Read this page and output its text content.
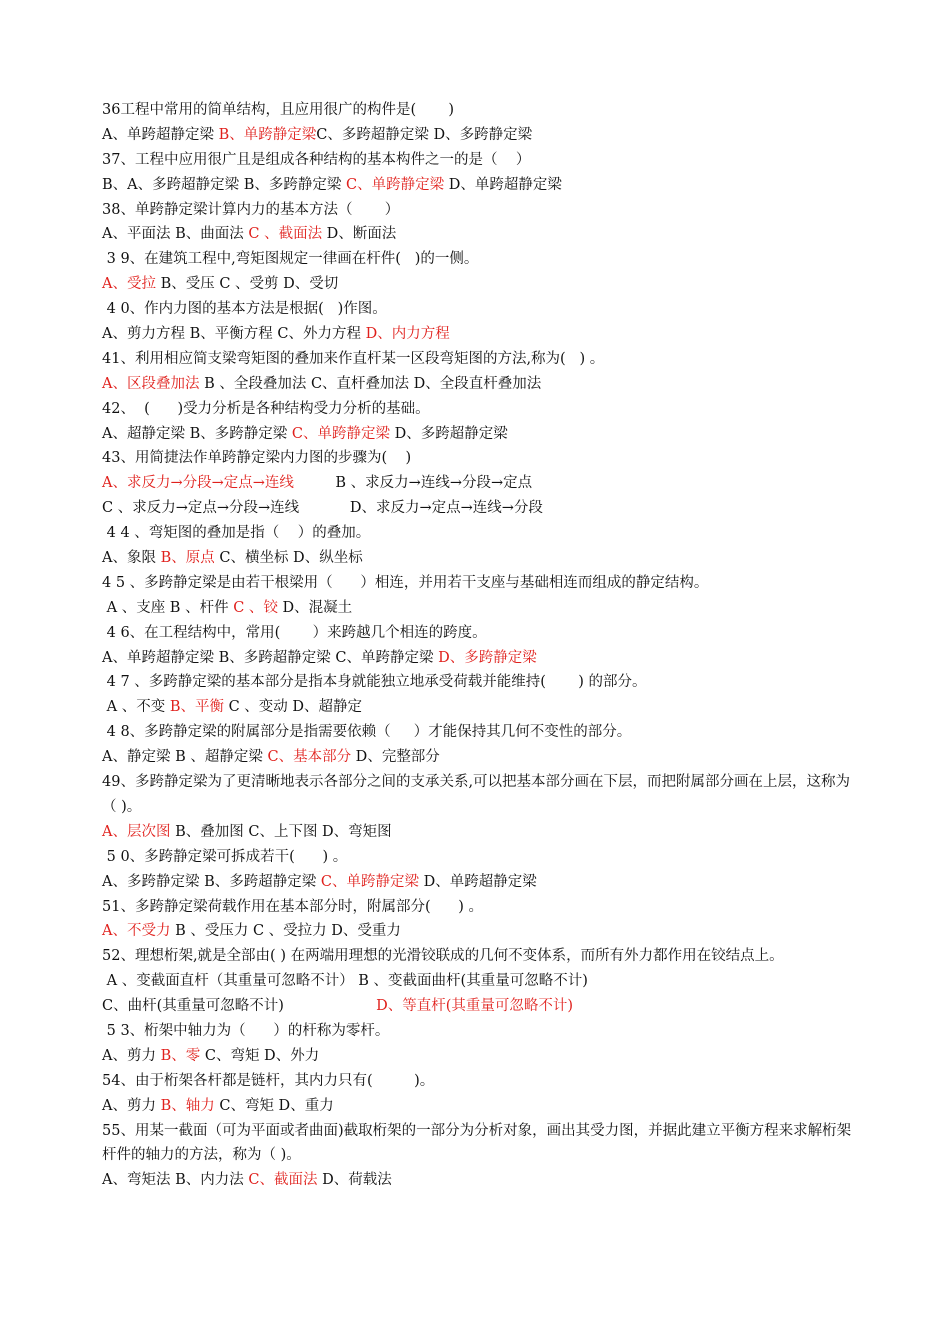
36工程中常用的简单结构，且应用很广的构件是(       )
A、单跨超静定梁 B、单跨静定梁C、多跨超静定梁 D、多跨静定梁
37、工程中应用很广且是组成各种结构的基本构件之一的是（    ）
B、A、多跨超静定梁 B、多跨静定梁 C、单跨静定梁 D、单跨超静定梁
38、单跨静定梁计算内力的基本方法（       ）
A、平面法 B、曲面法 C 、截面法 D、断面法
3 9、在建筑工程中,弯矩图规定一律画在杆件(   )的一侧。
A、受拉 B、受压 C 、受剪 D、受切
4 0、作内力图的基本方法是根据(   )作图。
A、剪力方程 B、平衡方程 C、外力方程 D、内力方程
41、利用相应简支梁弯矩图的叠加来作直杆某一区段弯矩图的方法,称为(   ) 。
A、区段叠加法 B 、全段叠加法 C、直杆叠加法 D、全段直杆叠加法
42、  (      )受力分析是各种结构受力分析的基础。
A、超静定梁 B、多跨静定梁 C、单跨静定梁 D、多跨超静定梁
43、用简捷法作单跨静定梁内力图的步骤为(    )
A、求反力→分段→定点→连线         B 、求反力→连线→分段→定点
C 、求反力→定点→分段→连线           D、求反力→定点→连线→分段
4 4 、弯矩图的叠加是指（    ）的叠加。
A、象限 B、原点 C、横坐标 D、纵坐标
4 5 、多跨静定梁是由若干根梁用（      ）相连，并用若干支座与基础相连而组成的静定结构。
A 、支座 B 、杆件 C 、铰 D、混凝土
4 6、在工程结构中，常用(       ）来跨越几个相连的跨度。
A、单跨超静定梁 B、多跨超静定梁 C、单跨静定梁 D、多跨静定梁
4 7 、多跨静定梁的基本部分是指本身就能独立地承受荷载并能维持(       ) 的部分。
A 、不变 B、平衡 C 、变动 D、超静定
4 8、多跨静定梁的附属部分是指需要依赖（     ）才能保持其几何不变性的部分。
A、静定梁 B 、超静定梁 C、基本部分 D、完整部分
49、多跨静定梁为了更清晰地表示各部分之间的支承关系,可以把基本部分画在下层，而把附属部分画在上层，这称为（ )。
A、层次图 B、叠加图 C、上下图 D、弯矩图
5 0、多跨静定梁可拆成若干(      ) 。
A、多跨静定梁 B、多跨超静定梁 C、单跨静定梁 D、单跨超静定梁
51、多跨静定梁荷载作用在基本部分时，附属部分(      ) 。
A、不受力 B 、受压力 C 、受拉力 D、受重力
52、理想桁架,就是全部由( ) 在两端用理想的光滑铰联成的几何不变体系，而所有外力都作用在铰结点上。
A 、变截面直杆（其重量可忽略不计） B 、变截面曲杆(其重量可忽略不计)
C、曲杆(其重量可忽略不计)                    D、等直杆(其重量可忽略不计)
5 3、桁架中轴力为（      ）的杆称为零杆。
A、剪力 B、零 C、弯矩 D、外力
54、由于桁架各杆都是链杆，其内力只有(         )。
A、剪力 B、轴力 C、弯矩 D、重力
55、用某一截面（可为平面或者曲面)截取桁架的一部分为分析对象，画出其受力图，并据此建立平衡方程来求解桁架杆件的轴力的方法，称为（ )。
A、弯矩法 B、内力法 C、截面法 D、荷载法
